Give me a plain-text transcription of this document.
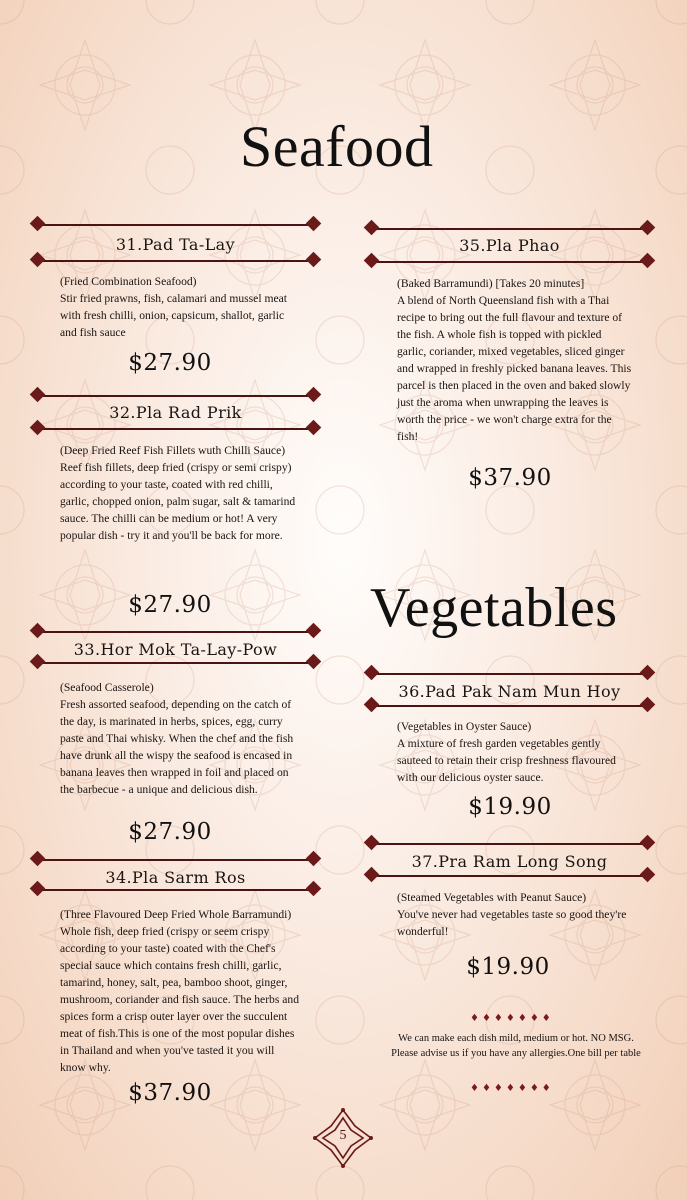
Seafood
31.Pad Ta-Lay
(Fried Combination Seafood)
Stir fried prawns, fish, calamari and mussel meat with fresh chilli, onion, capsicum, shallot, garlic and fish sauce
$27.90
32.Pla Rad Prik
(Deep Fried Reef Fish Fillets wuth Chilli Sauce)
Reef fish fillets, deep fried (crispy or semi crispy) according to your taste, coated with red chilli, garlic, chopped onion, palm sugar, salt & tamarind sauce. The chilli can be medium or hot! A very popular dish - try it and you'll be back for more.
$27.90
33.Hor Mok Ta-Lay-Pow
(Seafood Casserole)
Fresh assorted seafood, depending on the catch of the day, is marinated in herbs, spices, egg, curry paste and Thai whisky. When the chef and the fish have drunk all the wispy the seafood is encased in banana leaves then wrapped in foil and placed on the barbecue - a unique and delicious dish.
$27.90
34.Pla Sarm Ros
(Three Flavoured Deep Fried Whole Barramundi)
Whole fish, deep fried (crispy or seem crispy according to your taste) coated with the Chef's special sauce which contains fresh chilli, garlic, tamarind, honey, salt, pea, bamboo shoot, ginger, mushroom, coriander and fish sauce. The herbs and spices form a crisp outer layer over the succulent meat of fish.This is one of the most popular dishes in Thailand and when you've tasted it you will know why.
$37.90
35.Pla Phao
(Baked Barramundi) [Takes 20 minutes]
A blend of North Queensland fish with a Thai recipe to bring out the full flavour and texture of the fish. A whole fish is topped with pickled garlic, coriander, mixed vegetables, sliced ginger and wrapped in freshly picked banana leaves. This parcel is then placed in the oven and baked slowly just the aroma when unwrapping the leaves is worth the price - we won't charge extra for the fish!
$37.90
Vegetables
36.Pad Pak Nam Mun Hoy
(Vegetables in Oyster Sauce)
A mixture of fresh garden vegetables gently sauteed to retain their crisp freshness flavoured with our delicious oyster sauce.
$19.90
37.Pra Ram Long Song
(Steamed Vegetables with Peanut Sauce)
You've never had vegetables taste so good they're wonderful!
$19.90
♦♦♦♦♦♦♦
We can make each dish mild, medium or hot. NO MSG.
Please advise us if you have any allergies.One bill per table
♦♦♦♦♦♦♦
5
